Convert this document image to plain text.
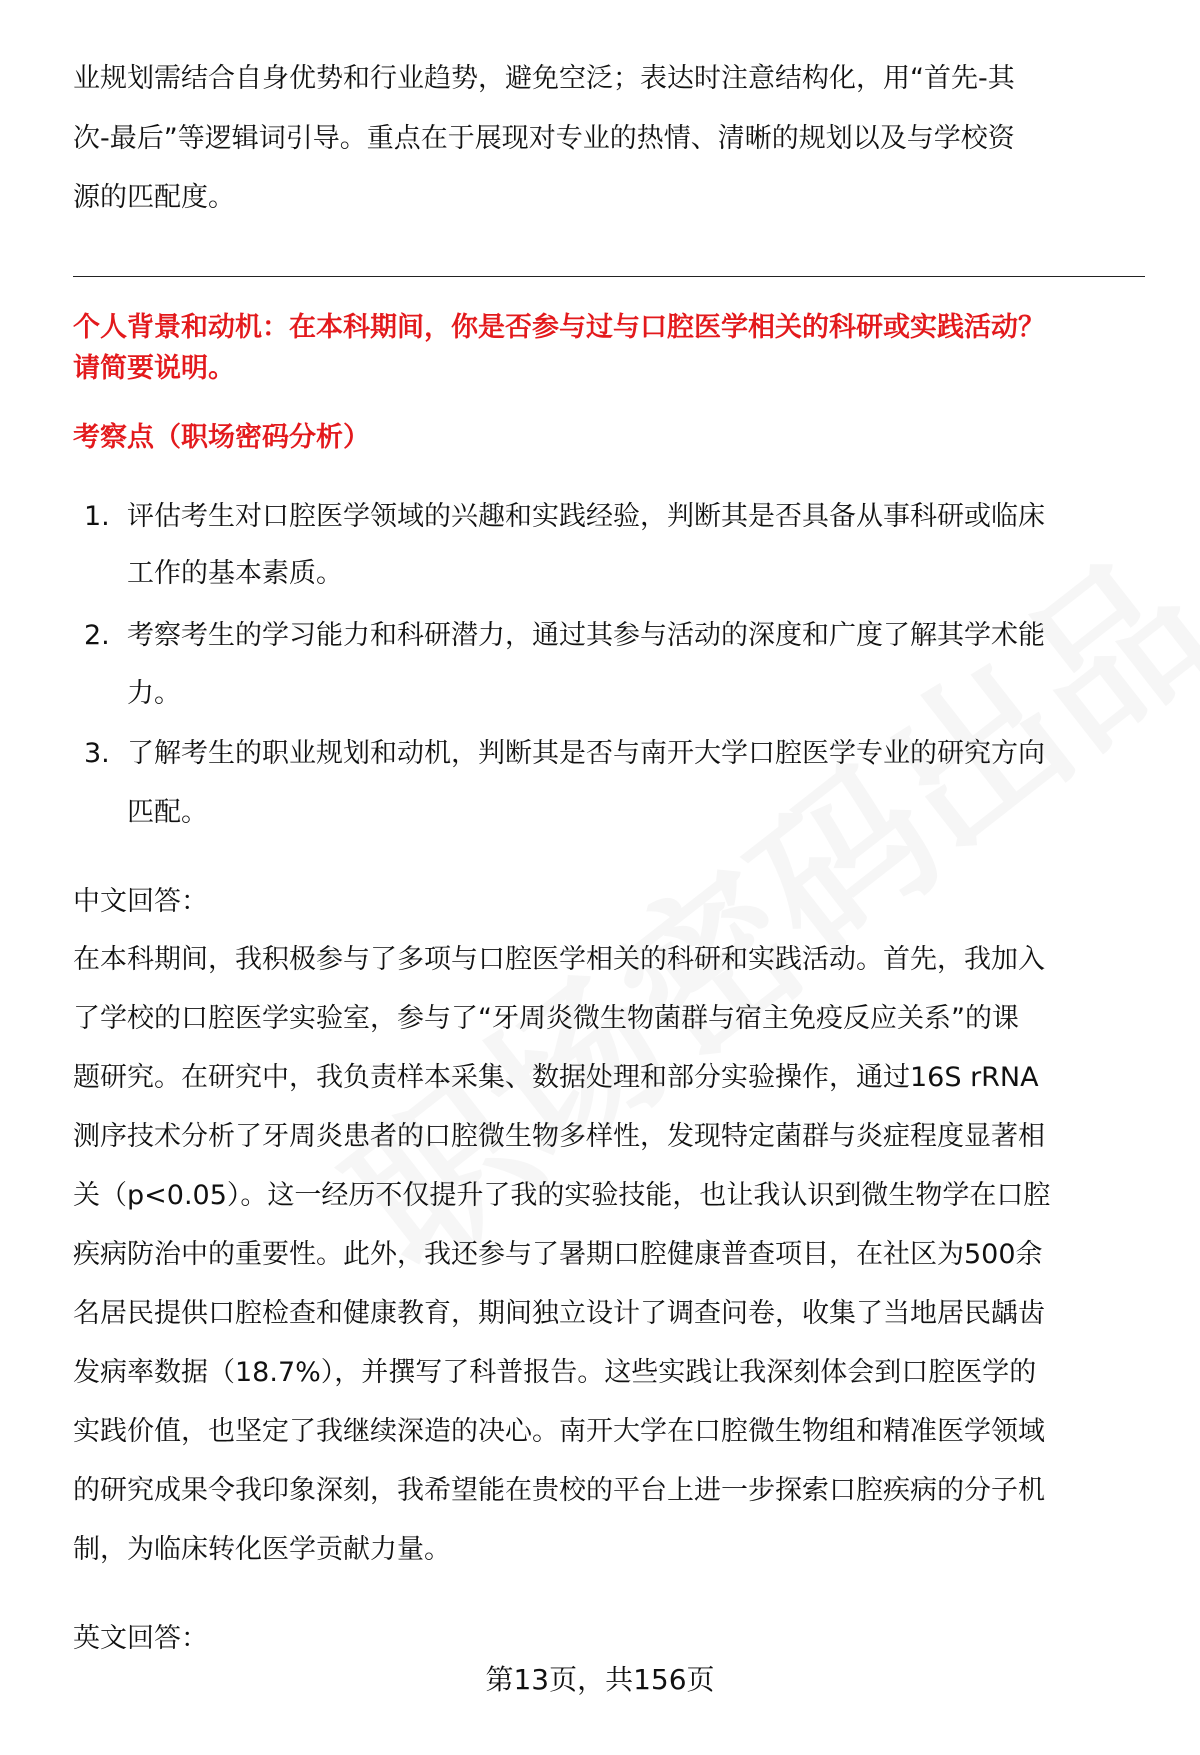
业规划需结合自身优势和行业趋势，避免空泛；表达时注意结构化，用“首先-其
次-最后”等逻辑词引导。重点在于展现对专业的热情、清晰的规划以及与学校资
源的匹配度。
个人背景和动机：在本科期间，你是否参与过与口腔医学相关的科研或实践活动？
请简要说明。
考察点（职场密码分析）
1. 评估考生对口腔医学领域的兴趣和实践经验，判断其是否具备从事科研或临床
工作的基本素质。
2. 考察考生的学习能力和科研潜力，通过其参与活动的深度和广度了解其学术能
力。
3. 了解考生的职业规划和动机，判断其是否与南开大学口腔医学专业的研究方向
匹配。
中文回答：
在本科期间，我积极参与了多项与口腔医学相关的科研和实践活动。首先，我加入
了学校的口腔医学实验室，参与了“牙周炎微生物菌群与宿主免疫反应关系”的课
题研究。在研究中，我负责样本采集、数据处理和部分实验操作，通过16S rRNA
测序技术分析了牙周炎患者的口腔微生物多样性，发现特定菌群与炎症程度显著相
关（p<0.05）。这一经历不仅提升了我的实验技能，也让我认识到微生物学在口腔
疾病防治中的重要性。此外，我还参与了暑期口腔健康普查项目，在社区为500余
名居民提供口腔检查和健康教育，期间独立设计了调查问卷，收集了当地居民龋齿
发病率数据（18.7%），并撰写了科普报告。这些实践让我深刻体会到口腔医学的
实践价值，也坚定了我继续深造的决心。南开大学在口腔微生物组和精准医学领域
的研究成果令我印象深刻，我希望能在贵校的平台上进一步探索口腔疾病的分子机
制，为临床转化医学贡献力量。
英文回答：
第13页，共156页
